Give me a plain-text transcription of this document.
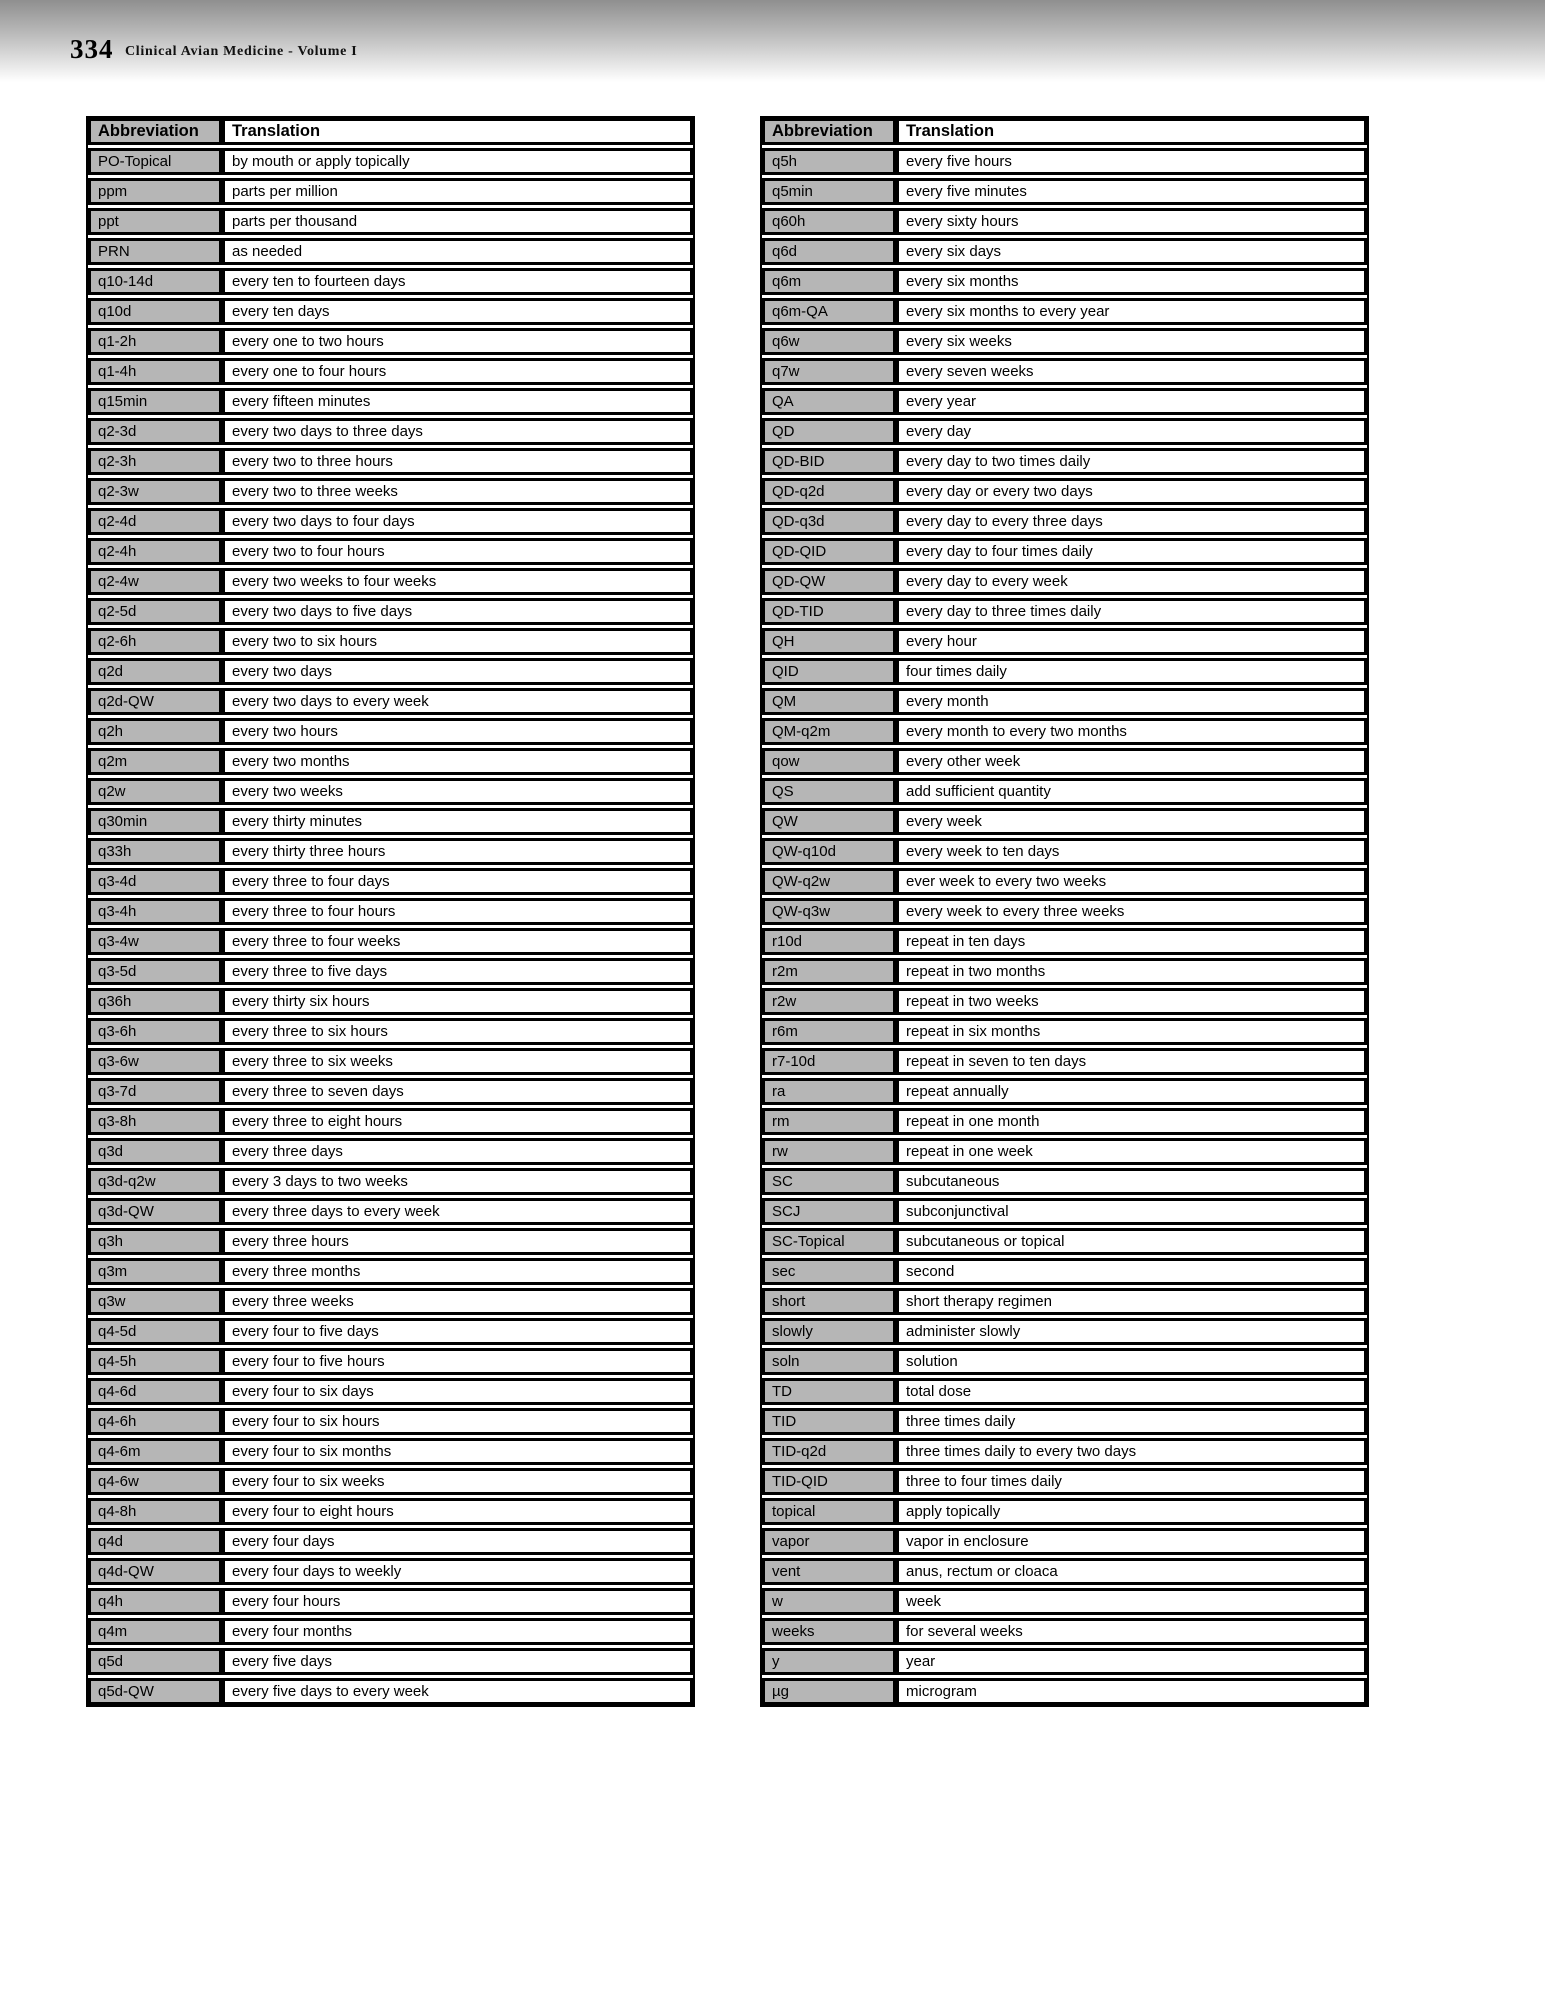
334 Clinical Avian Medicine - Volume I
Abbreviation	Translation
PO-Topical	by mouth or apply topically
ppm	parts per million
ppt	parts per thousand
PRN	as needed
q10-14d	every ten to fourteen days
q10d	every ten days
q1-2h	every one to two hours
q1-4h	every one to four hours
q15min	every fifteen minutes
q2-3d	every two days to three days
q2-3h	every two to three hours
q2-3w	every two to three weeks
q2-4d	every two days to four days
q2-4h	every two to four hours
q2-4w	every two weeks to four weeks
q2-5d	every two days to five days
q2-6h	every two to six hours
q2d	every two days
q2d-QW	every two days to every week
q2h	every two hours
q2m	every two months
q2w	every two weeks
q30min	every thirty minutes
q33h	every thirty three hours
q3-4d	every three to four days
q3-4h	every three to four hours
q3-4w	every three to four weeks
q3-5d	every three to five days
q36h	every thirty six hours
q3-6h	every three to six hours
q3-6w	every three to six weeks
q3-7d	every three to seven days
q3-8h	every three to eight hours
q3d	every three days
q3d-q2w	every 3 days to two weeks
q3d-QW	every three days to every week
q3h	every three hours
q3m	every three months
q3w	every three weeks
q4-5d	every four to five days
q4-5h	every four to five hours
q4-6d	every four to six days
q4-6h	every four to six hours
q4-6m	every four to six months
q4-6w	every four to six weeks
q4-8h	every four to eight hours
q4d	every four days
q4d-QW	every four days to weekly
q4h	every four hours
q4m	every four months
q5d	every five days
q5d-QW	every five days to every week
Abbreviation	Translation
q5h	every five hours
q5min	every five minutes
q60h	every sixty hours
q6d	every six days
q6m	every six months
q6m-QA	every six months to every year
q6w	every six weeks
q7w	every seven weeks
QA	every year
QD	every day
QD-BID	every day to two times daily
QD-q2d	every day or every two days
QD-q3d	every day to every three days
QD-QID	every day to four times daily
QD-QW	every day to every week
QD-TID	every day to three times daily
QH	every hour
QID	four times daily
QM	every month
QM-q2m	every month to every two months
qow	every other week
QS	add sufficient quantity
QW	every week
QW-q10d	every week to ten days
QW-q2w	ever week to every two weeks
QW-q3w	every week to every three weeks
r10d	repeat in ten days
r2m	repeat in two months
r2w	repeat in two weeks
r6m	repeat in six months
r7-10d	repeat in seven to ten days
ra	repeat annually
rm	repeat in one month
rw	repeat in one week
SC	subcutaneous
SCJ	subconjunctival
SC-Topical	subcutaneous or topical
sec	second
short	short therapy regimen
slowly	administer slowly
soln	solution
TD	total dose
TID	three times daily
TID-q2d	three times daily to every two days
TID-QID	three to four times daily
topical	apply topically
vapor	vapor in enclosure
vent	anus, rectum or cloaca
w	week
weeks	for several weeks
y	year
µg	microgram
